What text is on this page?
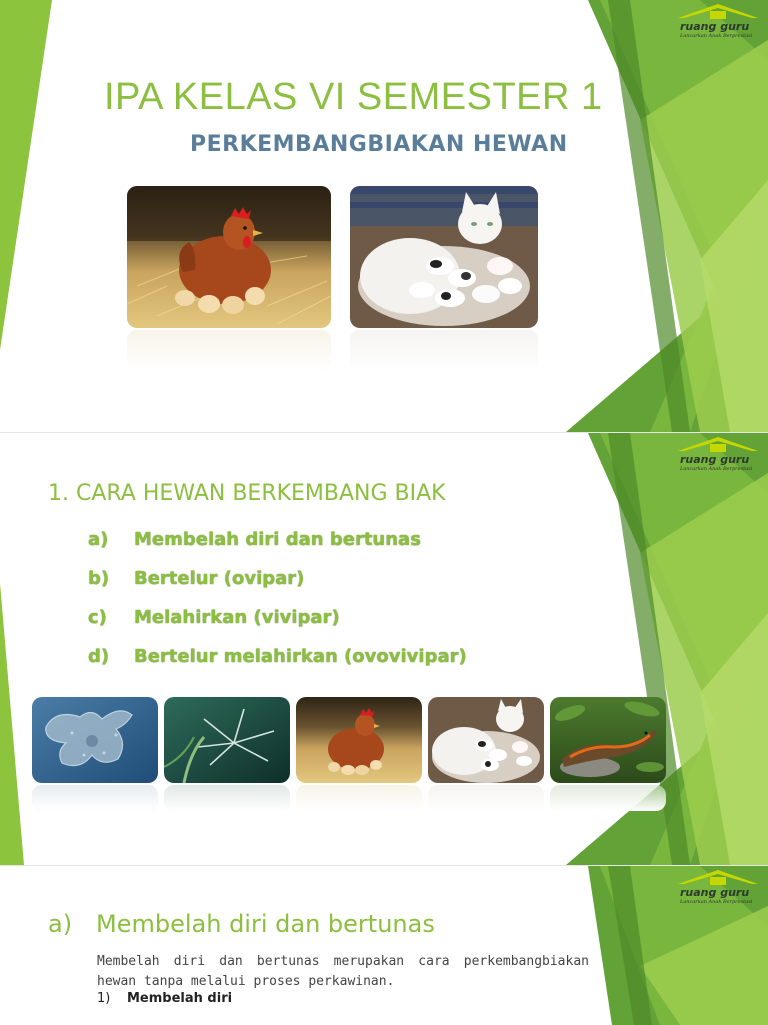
ruang guru
Lancarkan Anak Berprestasi
IPA KELAS VI SEMESTER 1
PERKEMBANGBIAKAN HEWAN
ruang guru
Lancarkan Anak Berprestasi
1. CARA HEWAN BERKEMBANG BIAK
a) Membelah diri dan bertunas
b) Bertelur (ovipar)
c) Melahirkan (vivipar)
d) Bertelur melahirkan (ovovivipar)
ruang guru
Lancarkan Anak Berprestasi
a) Membelah diri dan bertunas

Membelah diri dan bertunas merupakan cara perkembangbiakan hewan tanpa melalui proses perkawinan.

1) Membelah diri
